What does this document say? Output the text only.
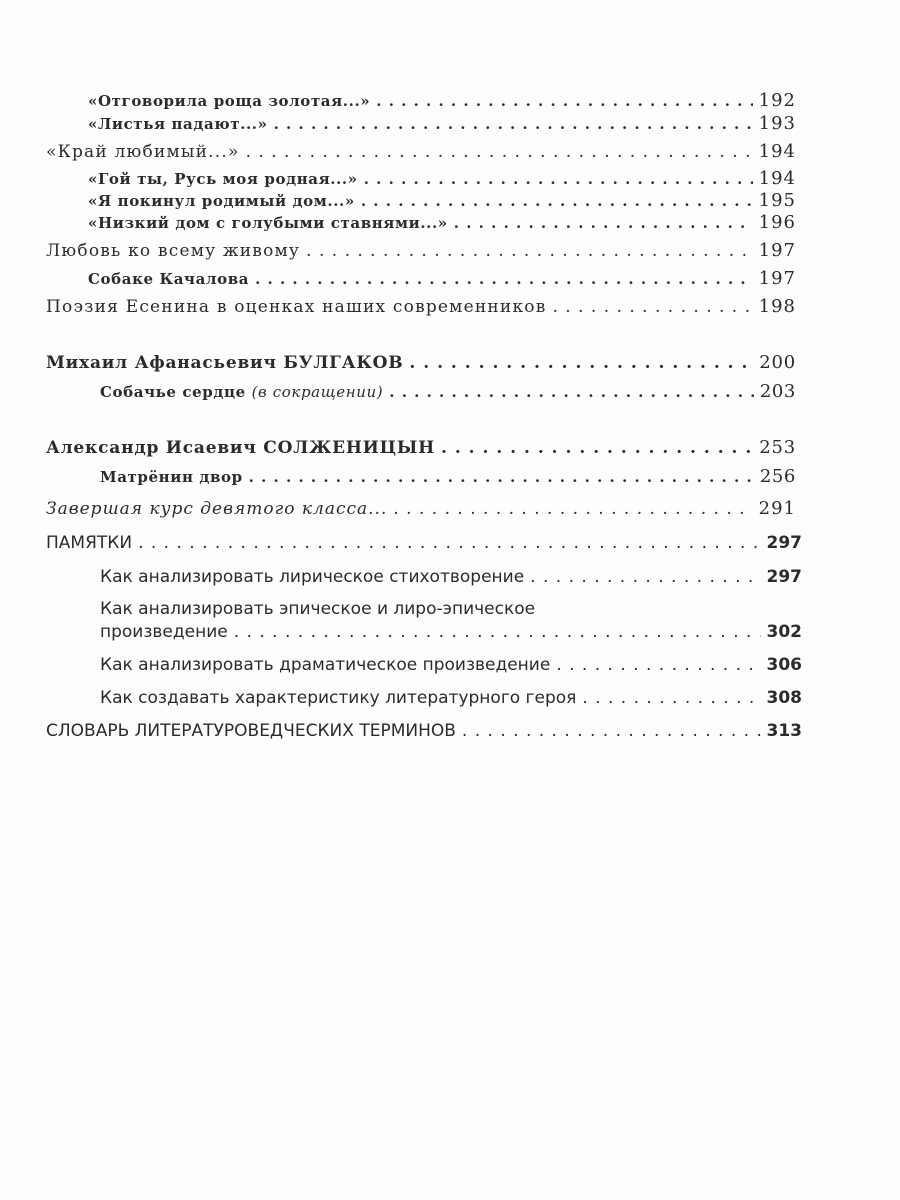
«Отговорила роща золотая...» . . .	192
«Листья падают...» . . .	193
«Край любимый...» . . .	194
«Гой ты, Русь моя родная...» . . .	194
«Я покинул родимый дом...» . . .	195
«Низкий дом с голубыми ставнями...» . . .	196
Любовь ко всему живому . . .	197
Собаке Качалова . . .	197
Поэзия Есенина в оценках наших современников . . .	198
Михаил Афанасьевич БУЛГАКОВ . . .	200
Собачье сердце (в сокращении) . . .	203
Александр Исаевич СОЛЖЕНИЦЫН . . .	253
Матрёнин двор . . .	256
Завершая курс девятого класса... . . .	291
ПАМЯТКИ . . .	297
Как анализировать лирическое стихотворение . . .	297
Как анализировать эпическое и лиро-эпическое
произведение . . .	302
Как анализировать драматическое произведение . . .	306
Как создавать характеристику литературного героя . . .	308
СЛОВАРЬ ЛИТЕРАТУРОВЕДЧЕСКИХ ТЕРМИНОВ . . .	313
